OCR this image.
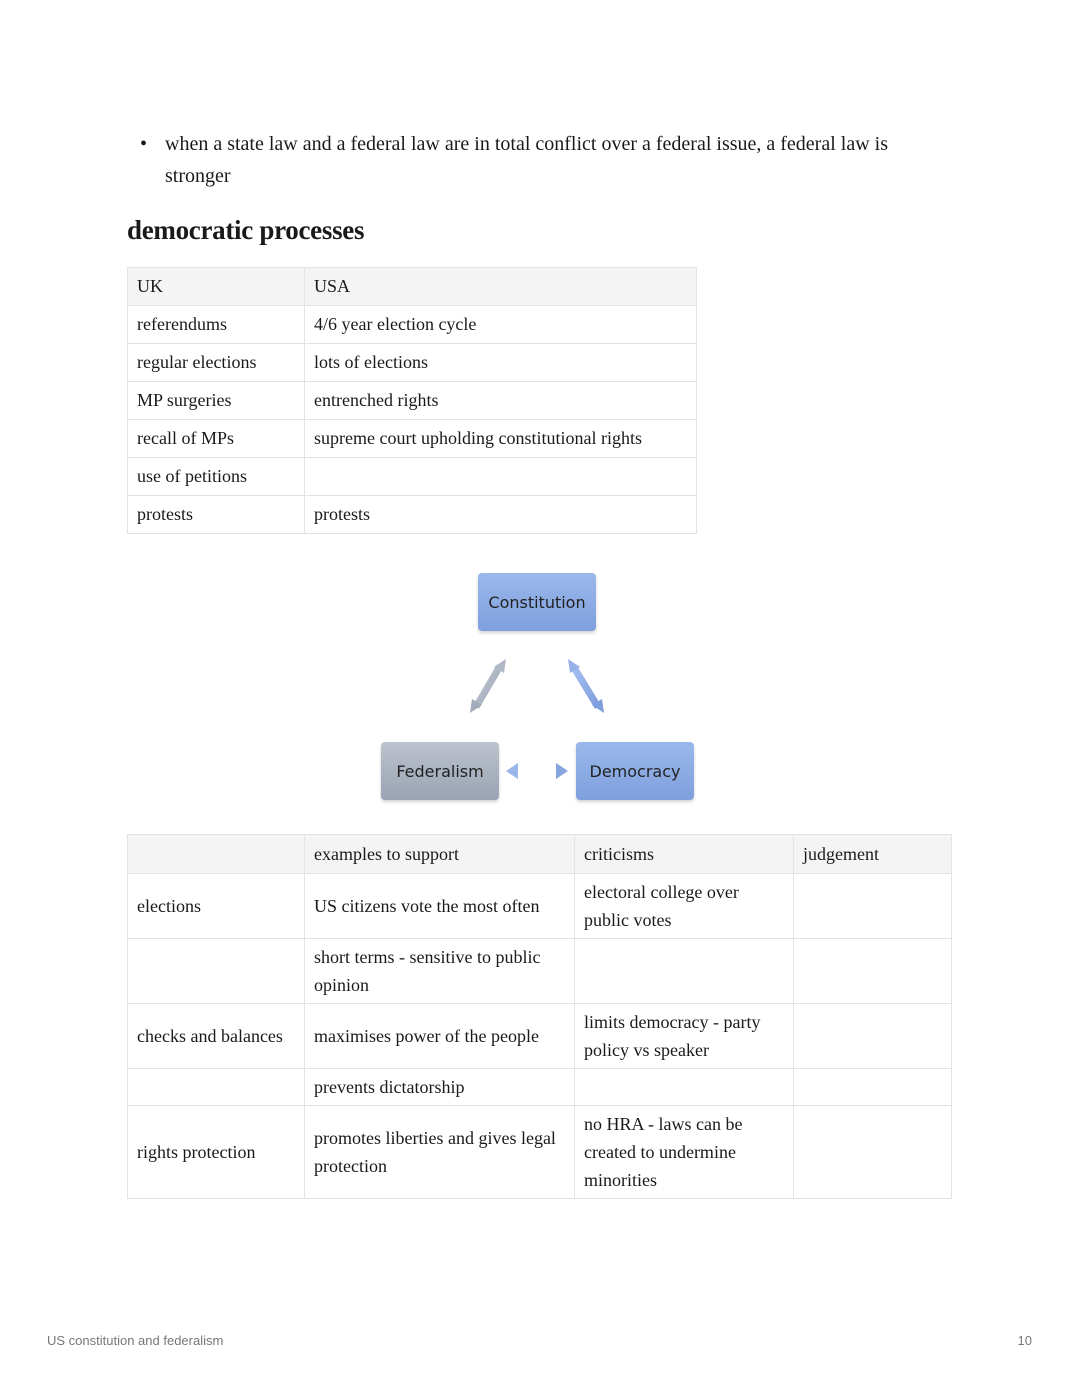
• when a state law and a federal law are in total conflict over a federal issue, a federal law is stronger
democratic processes
UK	USA
referendums	4/6 year election cycle
regular elections	lots of elections
MP surgeries	entrenched rights
recall of MPs	supreme court upholding constitutional rights
use of petitions	
protests	protests
Constitution
Federalism	Democracy
	examples to support	criticisms	judgement
elections	US citizens vote the most often	electoral college over public votes	
	short terms - sensitive to public opinion		
checks and balances	maximises power of the people	limits democracy - party policy vs speaker	
	prevents dictatorship		
rights protection	promotes liberties and gives legal protection	no HRA - laws can be created to undermine minorities	
US constitution and federalism	10
